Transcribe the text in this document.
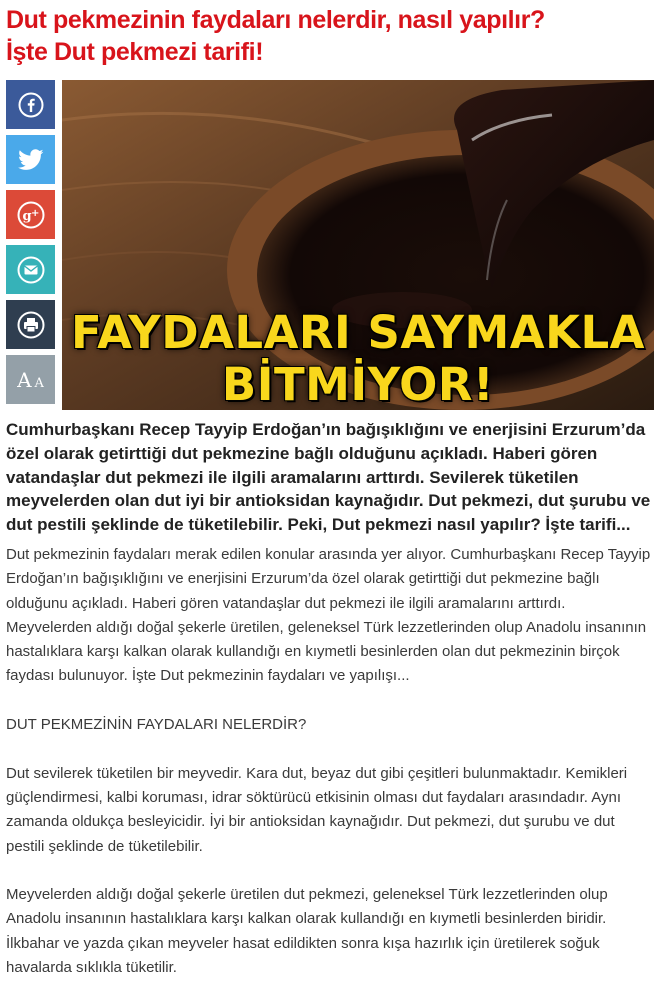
Dut pekmezinin faydaları nelerdir, nasıl yapılır?
İşte Dut pekmezi tarifi!
g +
A A
FAYDALARI SAYMAKLA
BİTMİYOR!
Cumhurbaşkanı Recep Tayyip Erdoğan’ın bağışıklığını ve enerjisini Erzurum’da özel olarak getirttiği dut pekmezine bağlı olduğunu açıkladı. Haberi gören vatandaşlar dut pekmezi ile ilgili aramalarını arttırdı. Sevilerek tüketilen meyvelerden olan dut iyi bir antioksidan kaynağıdır. Dut pekmezi, dut şurubu ve dut pestili şeklinde de tüketilebilir. Peki, Dut pekmezi nasıl yapılır? İşte tarifi...

Dut pekmezinin faydaları merak edilen konular arasında yer alıyor. Cumhurbaşkanı Recep Tayyip Erdoğan’ın bağışıklığını ve enerjisini Erzurum’da özel olarak getirttiği dut pekmezine bağlı olduğunu açıkladı. Haberi gören vatandaşlar dut pekmezi ile ilgili aramalarını arttırdı. Meyvelerden aldığı doğal şekerle üretilen, geleneksel Türk lezzetlerinden olup Anadolu insanının hastalıklara karşı kalkan olarak kullandığı en kıymetli besinlerden olan dut pekmezinin birçok faydası bulunuyor. İşte Dut pekmezinin faydaları ve yapılışı...

DUT PEKMEZİNİN FAYDALARI NELERDİR?

Dut sevilerek tüketilen bir meyvedir. Kara dut, beyaz dut gibi çeşitleri bulunmaktadır. Kemikleri güçlendirmesi, kalbi koruması, idrar söktürücü etkisinin olması dut faydaları arasındadır. Aynı zamanda oldukça besleyicidir. İyi bir antioksidan kaynağıdır. Dut pekmezi, dut şurubu ve dut pestili şeklinde de tüketilebilir.

Meyvelerden aldığı doğal şekerle üretilen dut pekmezi, geleneksel Türk lezzetlerinden olup Anadolu insanının hastalıklara karşı kalkan olarak kullandığı en kıymetli besinlerden biridir. İlkbahar ve yazda çıkan meyveler hasat edildikten sonra kışa hazırlık için üretilerek soğuk havalarda sıklıkla tüketilir.
